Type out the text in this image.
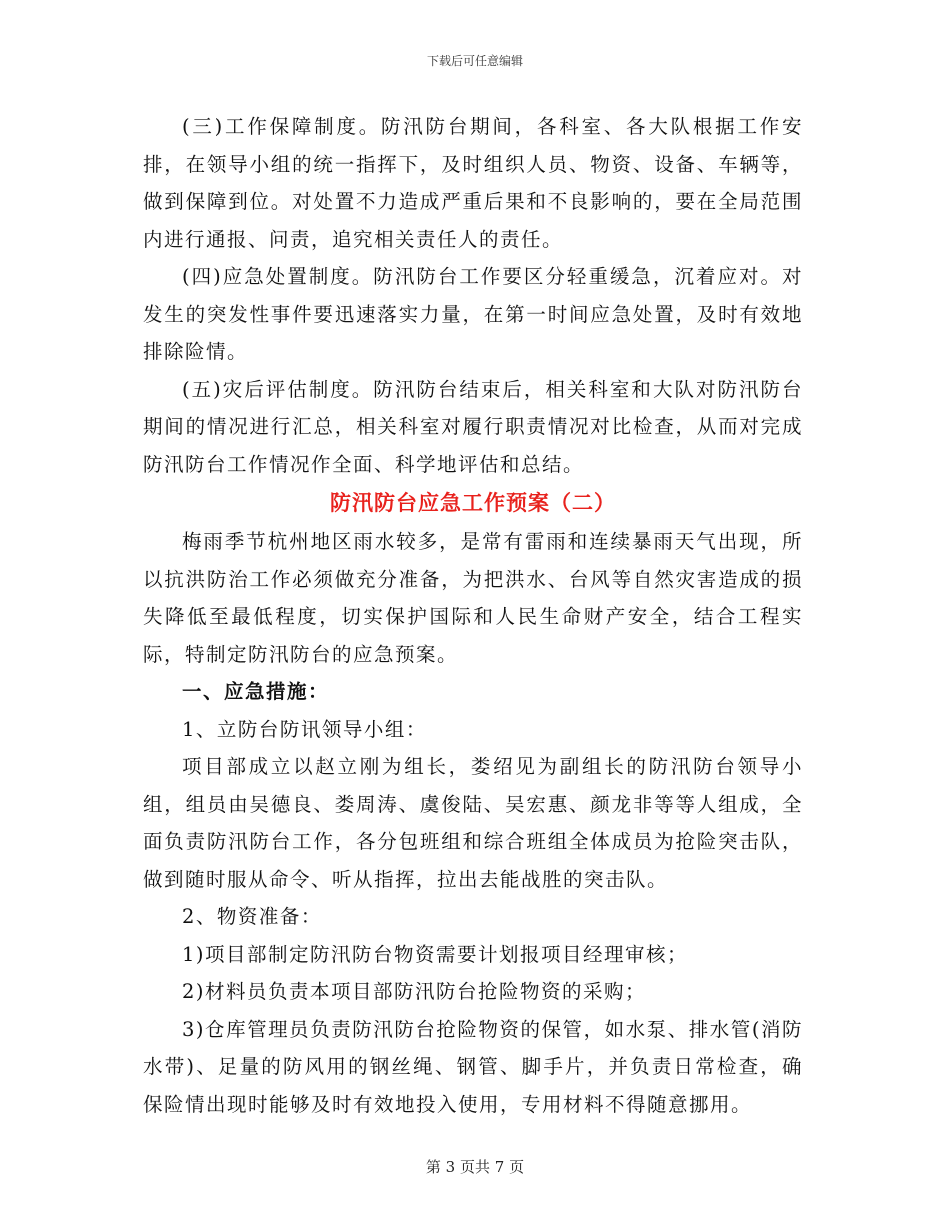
下载后可任意编辑

(三)工作保障制度。防汛防台期间，各科室、各大队根据工作安排，在领导小组的统一指挥下，及时组织人员、物资、设备、车辆等，做到保障到位。对处置不力造成严重后果和不良影响的，要在全局范围内进行通报、问责，追究相关责任人的责任。

(四)应急处置制度。防汛防台工作要区分轻重缓急，沉着应对。对发生的突发性事件要迅速落实力量，在第一时间应急处置，及时有效地排除险情。

(五)灾后评估制度。防汛防台结束后，相关科室和大队对防汛防台期间的情况进行汇总，相关科室对履行职责情况对比检查，从而对完成防汛防台工作情况作全面、科学地评估和总结。

防汛防台应急工作预案（二）

梅雨季节杭州地区雨水较多，是常有雷雨和连续暴雨天气出现，所以抗洪防治工作必须做充分准备，为把洪水、台风等自然灾害造成的损失降低至最低程度，切实保护国际和人民生命财产安全，结合工程实际，特制定防汛防台的应急预案。

一、应急措施：

1、立防台防讯领导小组：

项目部成立以赵立刚为组长，娄绍见为副组长的防汛防台领导小组，组员由吴德良、娄周涛、虞俊陆、吴宏惠、颜龙非等等人组成，全面负责防汛防台工作，各分包班组和综合班组全体成员为抢险突击队，做到随时服从命令、听从指挥，拉出去能战胜的突击队。

2、物资准备：

1)项目部制定防汛防台物资需要计划报项目经理审核；

2)材料员负责本项目部防汛防台抢险物资的采购；

3)仓库管理员负责防汛防台抢险物资的保管，如水泵、排水管(消防水带)、足量的防风用的钢丝绳、钢管、脚手片，并负责日常检查，确保险情出现时能够及时有效地投入使用，专用材料不得随意挪用。

第 3 页共 7 页
